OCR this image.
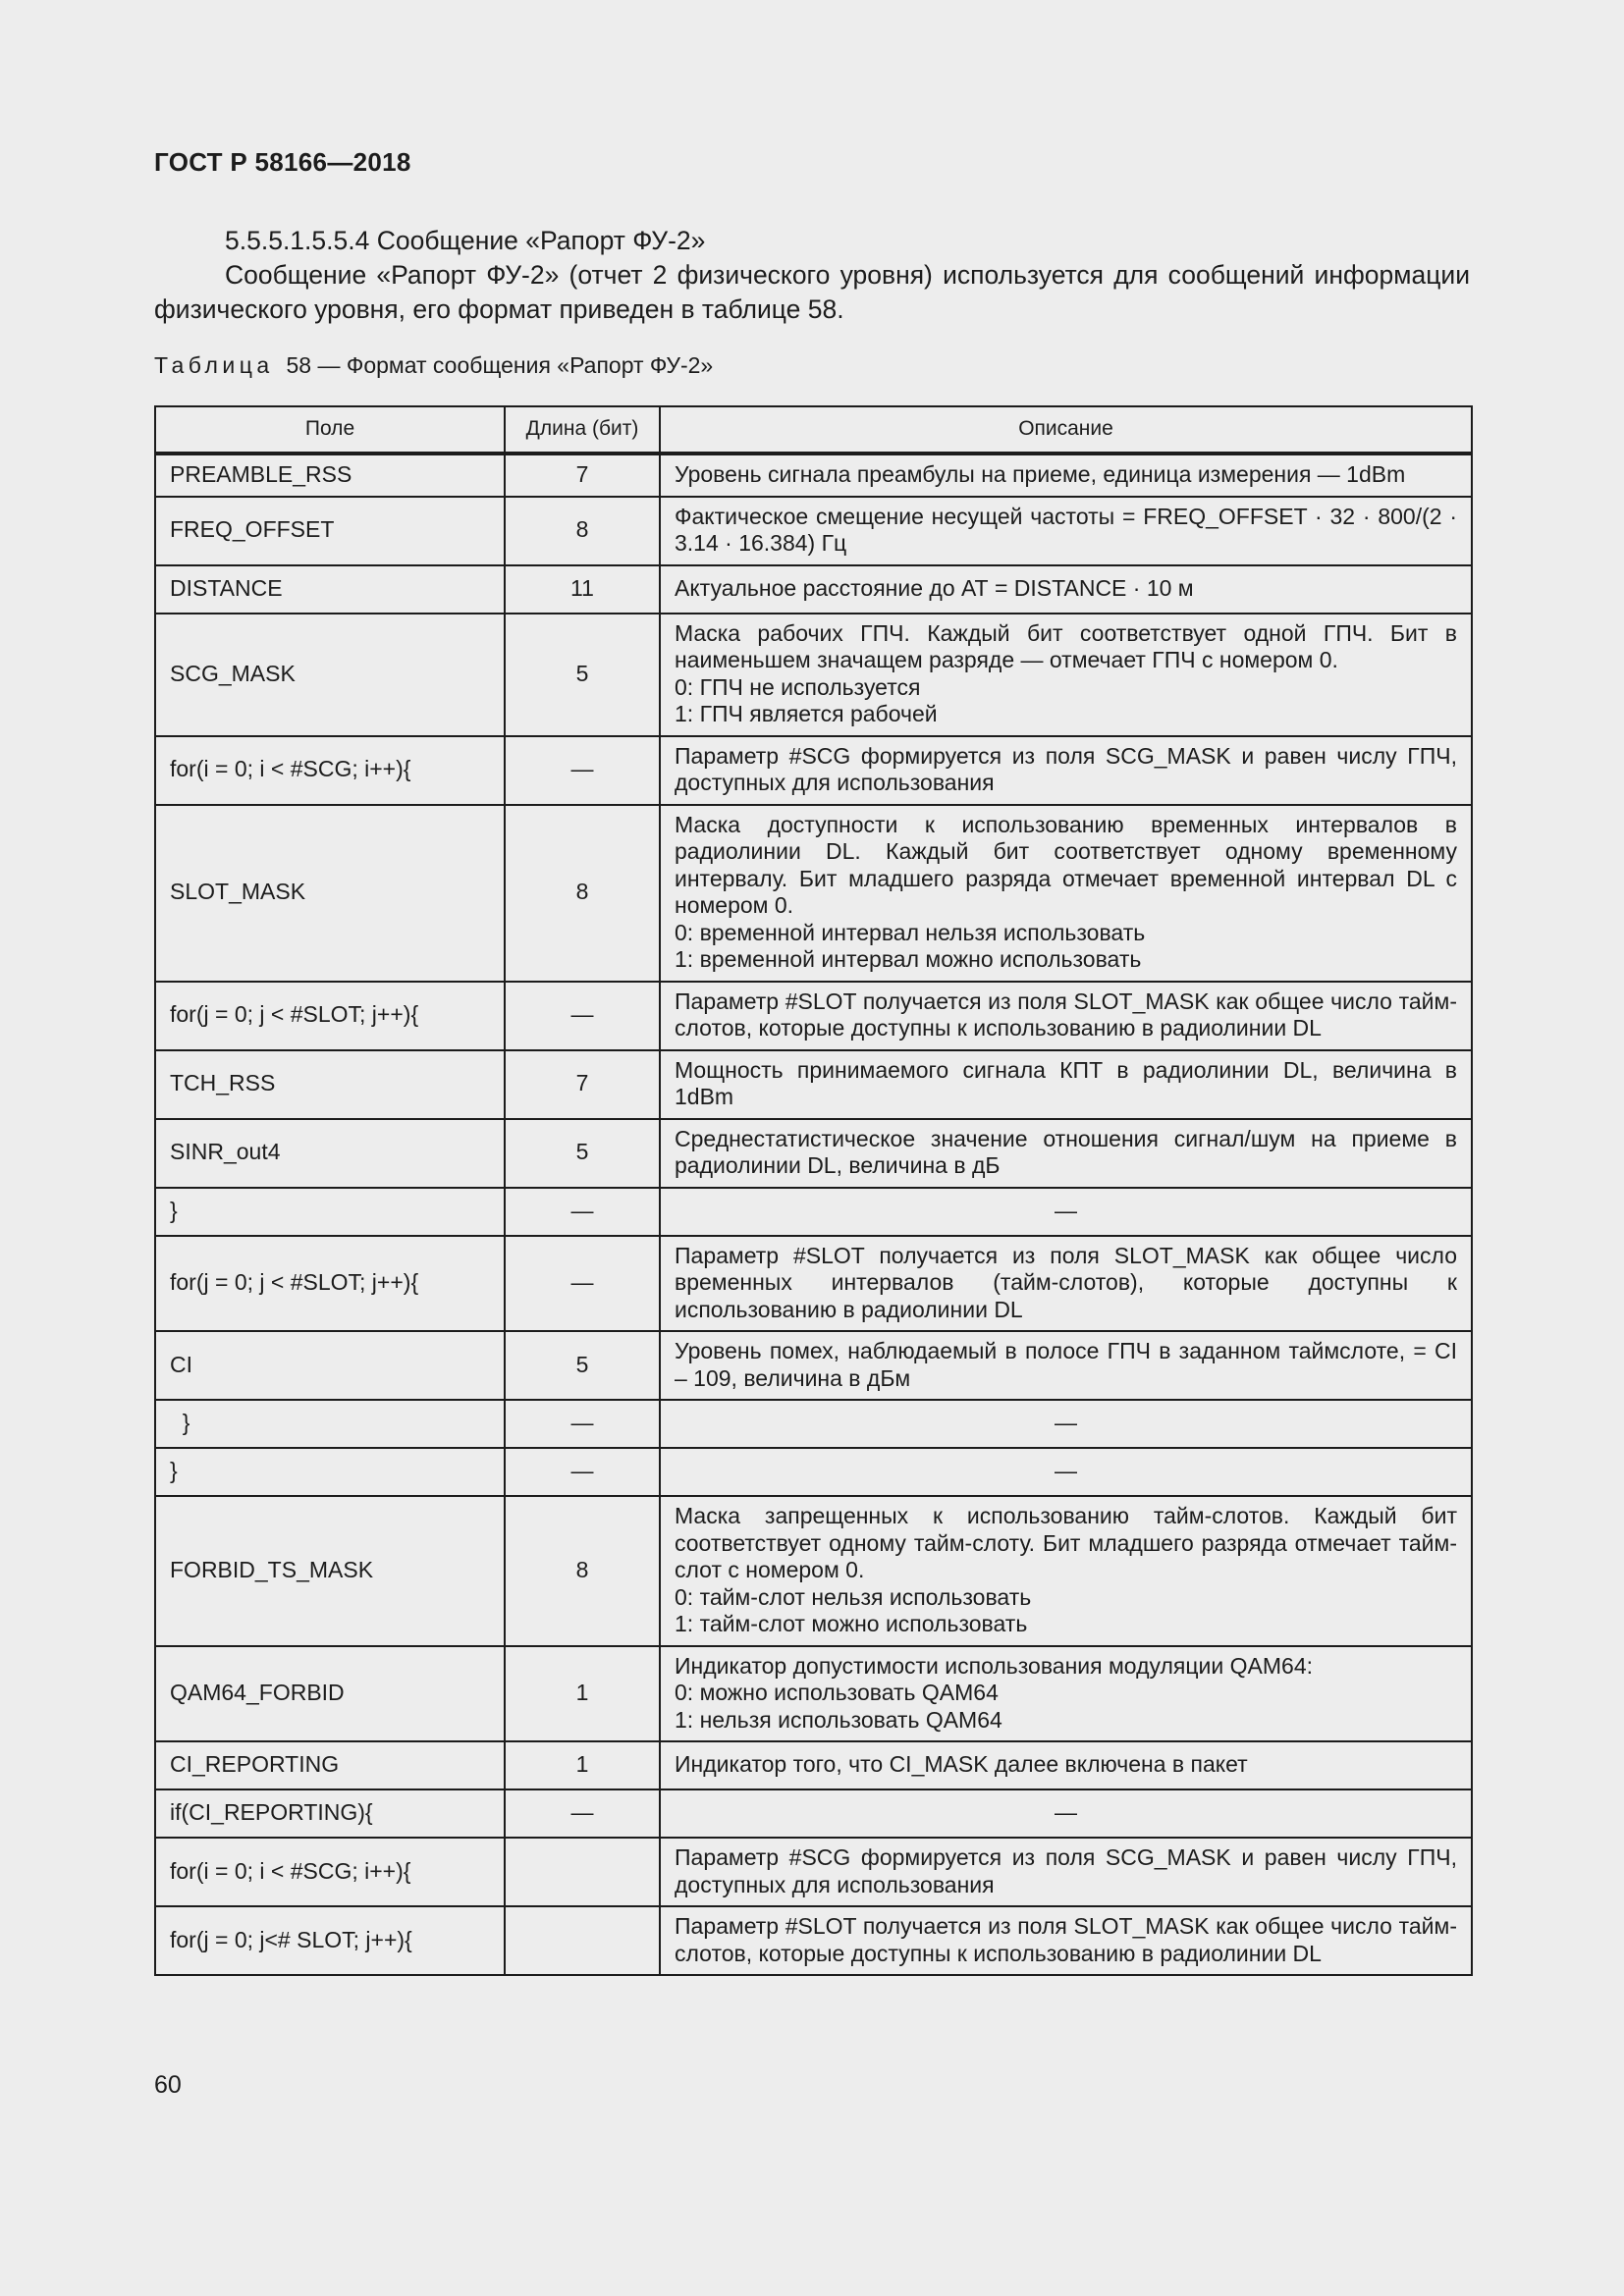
ГОСТ Р 58166—2018

5.5.5.1.5.5.4 Сообщение «Рапорт ФУ-2»

Сообщение «Рапорт ФУ-2» (отчет 2 физического уровня) используется для сообщений информации физического уровня, его формат приведен в таблице 58.

Таблица 58 — Формат сообщения «Рапорт ФУ-2»
Поле	Длина (бит)	Описание
PREAMBLE_RSS	7	Уровень сигнала преамбулы на приеме, единица измерения — 1dBm
FREQ_OFFSET	8	Фактическое смещение несущей частоты = FREQ_OFFSET · 32 · 800/(2 · 3.14 · 16.384) Гц
DISTANCE	11	Актуальное расстояние до АТ = DISTANCE · 10 м
SCG_MASK	5	Маска рабочих ГПЧ. Каждый бит соответствует одной ГПЧ. Бит в наименьшем значащем разряде — отмечает ГПЧ с номером 0.
0: ГПЧ не используется
1: ГПЧ является рабочей
for(i = 0; i < #SCG; i++){	—	Параметр #SCG формируется из поля SCG_MASK и равен числу ГПЧ, доступных для использования
SLOT_MASK	8	Маска доступности к использованию временных интервалов в радиолинии DL. Каждый бит соответствует одному временному интервалу. Бит младшего разряда отмечает временной интервал DL с номером 0.
0: временной интервал нельзя использовать
1: временной интервал можно использовать
for(j = 0; j < #SLOT; j++){	—	Параметр #SLOT получается из поля SLOT_MASK как общее число тайм-слотов, которые доступны к использованию в радиолинии DL
TCH_RSS	7	Мощность принимаемого сигнала КПТ в радиолинии DL, величина в 1dBm
SINR_out4	5	Среднестатистическое значение отношения сигнал/шум на приеме в радиолинии DL, величина в дБ
}	—	—
for(j = 0; j < #SLOT; j++){	—	Параметр #SLOT получается из поля SLOT_MASK как общее число временных интервалов (тайм-слотов), которые доступны к использованию в радиолинии DL
CI	5	Уровень помех, наблюдаемый в полосе ГПЧ в заданном таймслоте, = CI – 109, величина в дБм
}	—	—
}	—	—
FORBID_TS_MASK	8	Маска запрещенных к использованию тайм-слотов. Каждый бит соответствует одному тайм-слоту. Бит младшего разряда отмечает тайм-слот с номером 0.
0: тайм-слот нельзя использовать
1: тайм-слот можно использовать
QAM64_FORBID	1	Индикатор допустимости использования модуляции QAM64:
0: можно использовать QAM64
1: нельзя использовать QAM64
CI_REPORTING	1	Индикатор того, что CI_MASK далее включена в пакет
if(CI_REPORTING){	—	—
for(i = 0; i < #SCG; i++){		Параметр #SCG формируется из поля SCG_MASK и равен числу ГПЧ, доступных для использования
for(j = 0; j<# SLOT; j++){		Параметр #SLOT получается из поля SLOT_MASK как общее число тайм-слотов, которые доступны к использованию в радиолинии DL
60
